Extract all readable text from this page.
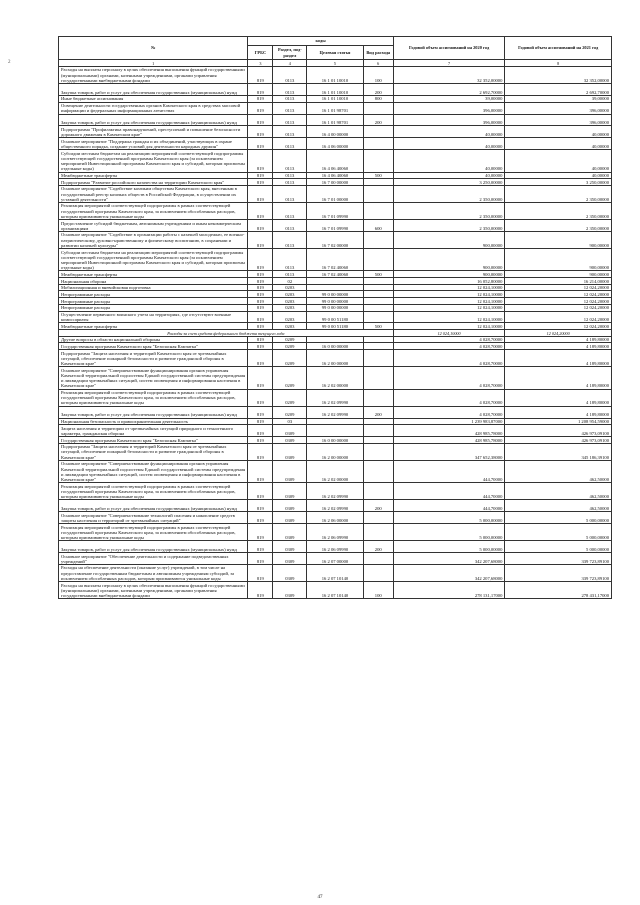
2
№	коды				Годовой объем ассигнований на 2020 год	Годовой объем ассигнований на 2021 год
	ГРБС	Раздел, под-раздел	Целевая статья	Вид расхода		
1	3	4	5	6	7	8
Расходы на выплаты персоналу в целях обеспечения выполнения функций государственными (муниципальными) органами, казенными учреждениями, органами управления государственными внебюджетными фондами	819	0113	16 1 01 10010	100	32 352,00000	32 352,00000
Закупка товаров, работ и услуг для обеспечения государственных (муниципальных) нужд	819	0113	16 1 01 10010	200	2 692,70000	2 692,70000
Иные бюджетные ассигнования	819	0113	16 1 01 10010	800	39,00000	39,00000
Освещение деятельности государственных органов Камчатского края в средствах массовой информации и федеральных информационных агентствах	819	0113	16 1 01 98701		396,00000	396,00000
Закупка товаров, работ и услуг для обеспечения государственных (муниципальных) нужд	819	0113	16 1 01 98701	200	396,00000	396,00000
Подпрограмма "Профилактика правонарушений, преступлений и повышение безопасности дорожного движения в Камчатском крае"	819	0113	16 4 00 00000		40,00000	40,00000
Основное мероприятие "Поддержка граждан и их объединений, участвующих в охране общественного порядка, создание условий для деятельности народных дружин"	819	0113	16 4 06 00000		40,00000	40,00000
Субсидии местным бюджетам на реализацию мероприятий соответствующей подпрограммы соответствующей государственной программы Камчатского края (за исключением мероприятий Инвестиционной программы Камчатского края и субсидий, которым присвоены отдельные коды)	819	0113	16 4 06 40060		40,00000	40,00000
Межбюджетные трансферты	819	0113	16 4 06 40060	500	40,00000	40,00000
Подпрограмма "Развитие российского казачества на территории Камчатского края"	819	0113	16 7 00 00000		3 250,00000	3 250,00000
Основное мероприятие "Содействие казачьим обществам Камчатского края, внесенным в государственный реестр казачьих обществ в Российской Федерации, в осуществлении их уставной деятельности"	819	0113	16 7 01 00000		2 350,00000	2 350,00000
Реализация мероприятий соответствующей подпрограммы в рамках соответствующей государственной программы Камчатского края, за исключением обособленных расходов, которым присваиваются уникальные коды	819	0113	16 7 01 09990		2 350,00000	2 350,00000
Предоставление субсидий бюджетным, автономным учреждениям и иным некоммерческим организациям	819	0113	16 7 01 09990	600	2 350,00000	2 350,00000
Основное мероприятие "Содействие в организации работы с казачьей молодежью, ее военно-патриотическому, духовно-нравственному и физическому воспитанию, в сохранении и развитии казачьей культуры"	819	0113	16 7 02 00000		900,00000	900,00000
Субсидии местным бюджетам на реализацию мероприятий соответствующей подпрограммы соответствующей государственной программы Камчатского края (за исключением мероприятий Инвестиционной программы Камчатского края и субсидий, которым присвоены отдельные коды)	819	0113	16 7 02 40060		900,00000	900,00000
Межбюджетные трансферты	819	0113	16 7 02 40060	500	900,00000	900,00000
Национальная оборона	819	02			16 052,80000	16 214,00000
Мобилизационная и вневойсковая подготовка	819	0203			12 024,10000	12 024,20000
Непрограммные расходы	819	0203	99 0 00 00000		12 024,10000	12 024,20000
Непрограммные расходы	819	0203	99 0 00 00000		12 024,10000	12 024,20000
Непрограммные расходы	819	0203	99 0 00 00000		12 024,10000	12 024,20000
Осуществление первичного воинского учета на территориях, где отсутствуют военные комиссариаты	819	0203	99 0 00 51180		12 024,10000	12 024,20000
Межбюджетные трансферты	819	0203	99 0 00 51180	500	12 024,10000	12 024,20000
Расходы за счет средств федерального бюджета текущего года					12 024,10000	12 024,20000
Другие вопросы в области национальной обороны	819	0209			4 028,70000	4 189,80000
Государственная программа Камчатского края "Безопасная Камчатка"	819	0209	16 0 00 00000		4 028,70000	4 189,80000
Подпрограмма "Защита населения и территорий Камчатского края от чрезвычайных ситуаций, обеспечение пожарной безопасности и развитие гражданской обороны в Камчатском крае"	819	0209	16 2 00 00000		4 028,70000	4 189,80000
Основное мероприятие "Совершенствование функционирования органов управления Камчатской территориальной подсистемы Единой государственной системы предупреждения и ликвидации чрезвычайных ситуаций, систем оповещения и информирования населения в Камчатском крае"	819	0209	16 2 02 00000		4 028,70000	4 189,80000
Реализация мероприятий соответствующей подпрограммы в рамках соответствующей государственной программы Камчатского края, за исключением обособленных расходов, которым присваиваются уникальные коды	819	0209	16 2 02 09990		4 028,70000	4 189,80000
Закупка товаров, работ и услуг для обеспечения государственных (муниципальных) нужд	819	0209	16 2 02 09990	200	4 028,70000	4 189,80000
Национальная безопасность и правоохранительная деятельность	819	03			1 239 983,87000	1 208 954,59000
Защита населения и территории от чрезвычайных ситуаций природного и техногенного характера, гражданская оборона	819	0309			428 985,78000	426 973,09100
Государственная программа Камчатского края "Безопасная Камчатка"	819	0309	16 0 00 00000		428 985,78000	426 973,09100
Подпрограмма "Защита населения и территорий Камчатского края от чрезвычайных ситуаций, обеспечение пожарной безопасности и развитие гражданской обороны в Камчатском крае"	819	0309	16 2 00 00000		347 652,38000	345 186,39100
Основное мероприятие "Совершенствование функционирования органов управления Камчатской территориальной подсистемы Единой государственной системы предупреждения и ликвидации чрезвычайных ситуаций, систем оповещения и информирования населения в Камчатском крае"	819	0309	16 2 02 00000		444,70000	462,50000
Реализация мероприятий соответствующей подпрограммы в рамках соответствующей государственной программы Камчатского края, за исключением обособленных расходов, которым присваиваются уникальные коды	819	0309	16 2 02 09990		444,70000	462,50000
Закупка товаров, работ и услуг для обеспечения государственных (муниципальных) нужд	819	0309	16 2 02 09990	200	444,70000	462,50000
Основное мероприятие "Совершенствование технологий спасения и накопление средств защиты населения и территорий от чрезвычайных ситуаций"	819	0309	16 2 06 00000		5 000,00000	5 000,00000
Реализация мероприятий соответствующей подпрограммы в рамках соответствующей государственной программы Камчатского края, за исключением обособленных расходов, которым присваиваются уникальные коды	819	0309	16 2 06 09990		5 000,00000	5 000,00000
Закупка товаров, работ и услуг для обеспечения государственных (муниципальных) нужд	819	0309	16 2 06 09990	200	5 000,00000	5 000,00000
Основное мероприятие "Обеспечение деятельности и содержание подведомственных учреждений"	819	0309	16 2 07 00000		342 207,68000	339 723,89100
Расходы на обеспечение деятельности (оказание услуг) учреждений, в том числе на предоставление государственным бюджетным и автономным учреждениям субсидий, за исключением обособленных расходов, которым присваиваются уникальные коды	819	0309	16 2 07 10140		342 207,68000	339 723,89100
Расходы на выплаты персоналу в целях обеспечения выполнения функций государственными (муниципальными) органами, казенными учреждениями, органами управления государственными внебюджетными фондами	819	0309	16 2 07 10140	100	278 131,17000	278 431,17000
47
